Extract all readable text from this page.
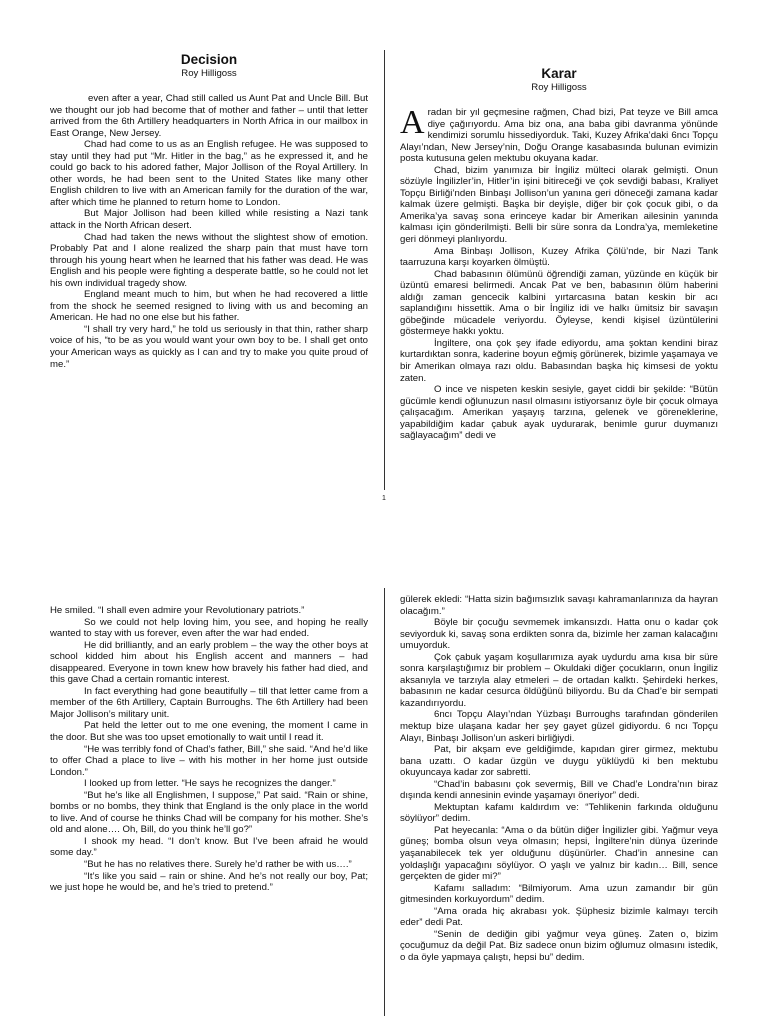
Decision
Roy Hilligoss

even after a year, Chad still called us Aunt Pat and Uncle Bill. But we thought our job had become that of mother and father – until that letter arrived from the 6th Artillery headquarters in North Africa in our mailbox in East Orange, New Jersey.

Chad had come to us as an English refugee. He was supposed to stay until they had put “Mr. Hitler in the bag,” as he expressed it, and he could go back to his adored father, Major Jollison of the Royal Artillery. In other words, he had been sent to the United States like many other English children to live with an American family for the duration of the war, after which time he planned to return home to London.

But Major Jollison had been killed while resisting a Nazi tank attack in the North African desert.

Chad had taken the news without the slightest show of emotion. Probably Pat and I alone realized the sharp pain that must have torn through his young heart when he learned that his father was dead. He was English and his people were fighting a desperate battle, so he could not let his own individual tragedy show.

England meant much to him, but when he had recovered a little from the shock he seemed resigned to living with us and becoming an American. He had no one else but his father.

“I shall try very hard,” he told us seriously in that thin, rather sharp voice of his, “to be as you would want your own boy to be. I shall get onto your American ways as quickly as I can and try to make you quite proud of me.”

Karar
Roy Hilligoss

Aradan bir yıl geçmesine rağmen, Chad bizi, Pat teyze ve Bill amca diye çağırıyordu. Ama biz ona, ana baba gibi davranma yönünde kendimizi sorumlu hissediyorduk. Taki, Kuzey Afrika’daki 6ncı Topçu Alayı’ndan, New Jersey’nin, Doğu Orange kasabasında bulunan evimizin posta kutusuna gelen mektubu okuyana kadar.

Chad, bizim yanımıza bir İngiliz mülteci olarak gelmişti. Onun sözüyle İngilizler’in, Hitler’in işini bitireceği ve çok sevdiği babası, Kraliyet Topçu Birliği’nden Binbaşı Jollison’un yanına geri döneceği zamana kadar kalmak üzere gelmişti. Başka bir deyişle, diğer bir çok çocuk gibi, o da Amerika’ya savaş sona erinceye kadar bir Amerikan ailesinin yanında kalması için gönderilmişti. Belli bir süre sonra da Londra’ya, memleketine geri dönmeyi planlıyordu.

Ama Binbaşı Jollison, Kuzey Afrika Çölü’nde, bir Nazi Tank taarruzuna karşı koyarken ölmüştü.

Chad babasının ölümünü öğrendiği zaman, yüzünde en küçük bir üzüntü emaresi belirmedi. Ancak Pat ve ben, babasının ölüm haberini aldığı zaman gencecik kalbini yırtarcasına batan keskin bir acı saplandığını hissettik. Ama o bir İngiliz idi ve halkı ümitsiz bir savaşın göbeğinde mücadele veriyordu. Öyleyse, kendi kişisel üzüntülerini göstermeye hakkı yoktu.

İngiltere, ona çok şey ifade ediyordu, ama şoktan kendini biraz kurtardıktan sonra, kaderine boyun eğmiş görünerek, bizimle yaşamaya ve bir Amerikan olmaya razı oldu. Babasından başka hiç kimsesi de yoktu zaten.

O ince ve nispeten keskin sesiyle, gayet ciddi bir şekilde: “Bütün gücümle kendi oğlunuzun nasıl olmasını istiyorsanız öyle bir çocuk olmaya çalışacağım. Amerikan yaşayış tarzına, gelenek ve göreneklerine, yapabildiğim kadar çabuk ayak uydurarak, benimle gurur duymanızı sağlayacağım” dedi ve

1

He smiled. “I shall even admire your Revolutionary patriots.”

So we could not help loving him, you see, and hoping he really wanted to stay with us forever, even after the war had ended.

He did brilliantly, and an early problem – the way the other boys at school kidded him about his English accent and manners – had disappeared. Everyone in town knew how bravely his father had died, and this gave Chad a certain romantic interest.

In fact everything had gone beautifully – till that letter came from a member of the 6th Artillery, Captain Burroughs. The 6th Artillery had been Major Jollison’s military unit.

Pat held the letter out to me one evening, the moment I came in the door. But she was too upset emotionally to wait until I read it.

“He was terribly fond of Chad’s father, Bill,” she said. “And he’d like to offer Chad a place to live – with his mother in her home just outside London.”

I looked up from letter. “He says he recognizes the danger.”

“But he’s like all Englishmen, I suppose,” Pat said. “Rain or shine, bombs or no bombs, they think that England is the only place in the world to live. And of course he thinks Chad will be company for his mother. She’s old and alone…. Oh, Bill, do you think he’ll go?”

I shook my head. “I don’t know. But I’ve been afraid he would some day.”

“But he has no relatives there. Surely he’d rather be with us….”

“It’s like you said – rain or shine. And he’s not really our boy, Pat; we just hope he would be, and he’s tried to pretend.”

gülerek ekledi: “Hatta sizin bağımsızlık savaşı kahramanlarınıza da hayran olacağım.”

Böyle bir çocuğu sevmemek imkansızdı. Hatta onu o kadar çok seviyorduk ki, savaş sona erdikten sonra da, bizimle her zaman kalacağını umuyorduk.

Çok çabuk yaşam koşullarımıza ayak uydurdu ama kısa bir süre sonra karşılaştığımız bir problem – Okuldaki diğer çocukların, onun İngiliz aksanıyla ve tarzıyla alay etmeleri – de ortadan kalktı. Şehirdeki herkes, babasının ne kadar cesurca öldüğünü biliyordu. Bu da Chad’e bir sempati kazandırıyordu.

6ncı Topçu Alayı’ndan Yüzbaşı Burroughs tarafından gönderilen mektup bize ulaşana kadar her şey gayet güzel gidiyordu. 6 ncı Topçu Alayı, Binbaşı Jollison’un askeri birliğiydi.

Pat, bir akşam eve geldiğimde, kapıdan girer girmez, mektubu bana uzattı. O kadar üzgün ve duygu yüklüydü ki ben mektubu okuyuncaya kadar zor sabretti.

“Chad’in babasını çok severmiş, Bill ve Chad’e Londra’nın biraz dışında kendi annesinin evinde yaşamayı öneriyor” dedi.

Mektuptan kafamı kaldırdım ve: “Tehlikenin farkında olduğunu söylüyor” dedim.

Pat heyecanla: “Ama o da bütün diğer İngilizler gibi. Yağmur veya güneş; bomba olsun veya olmasın; hepsi, İngiltere’nin dünya üzerinde yaşanabilecek tek yer olduğunu düşünürler. Chad’in annesine can yoldaşlığı yapacağını söylüyor. O yaşlı ve yalnız bir kadın… Bill, sence gerçekten de gider mi?”

Kafamı salladım: “Bilmiyorum. Ama uzun zamandır bir gün gitmesinden korkuyordum” dedim.

“Ama orada hiç akrabası yok. Şüphesiz bizimle kalmayı tercih eder” dedi Pat.

“Senin de dediğin gibi yağmur veya güneş. Zaten o, bizim çocuğumuz da değil Pat. Biz sadece onun bizim oğlumuz olmasını istedik, o da öyle yapmaya çalıştı, hepsi bu” dedim.
